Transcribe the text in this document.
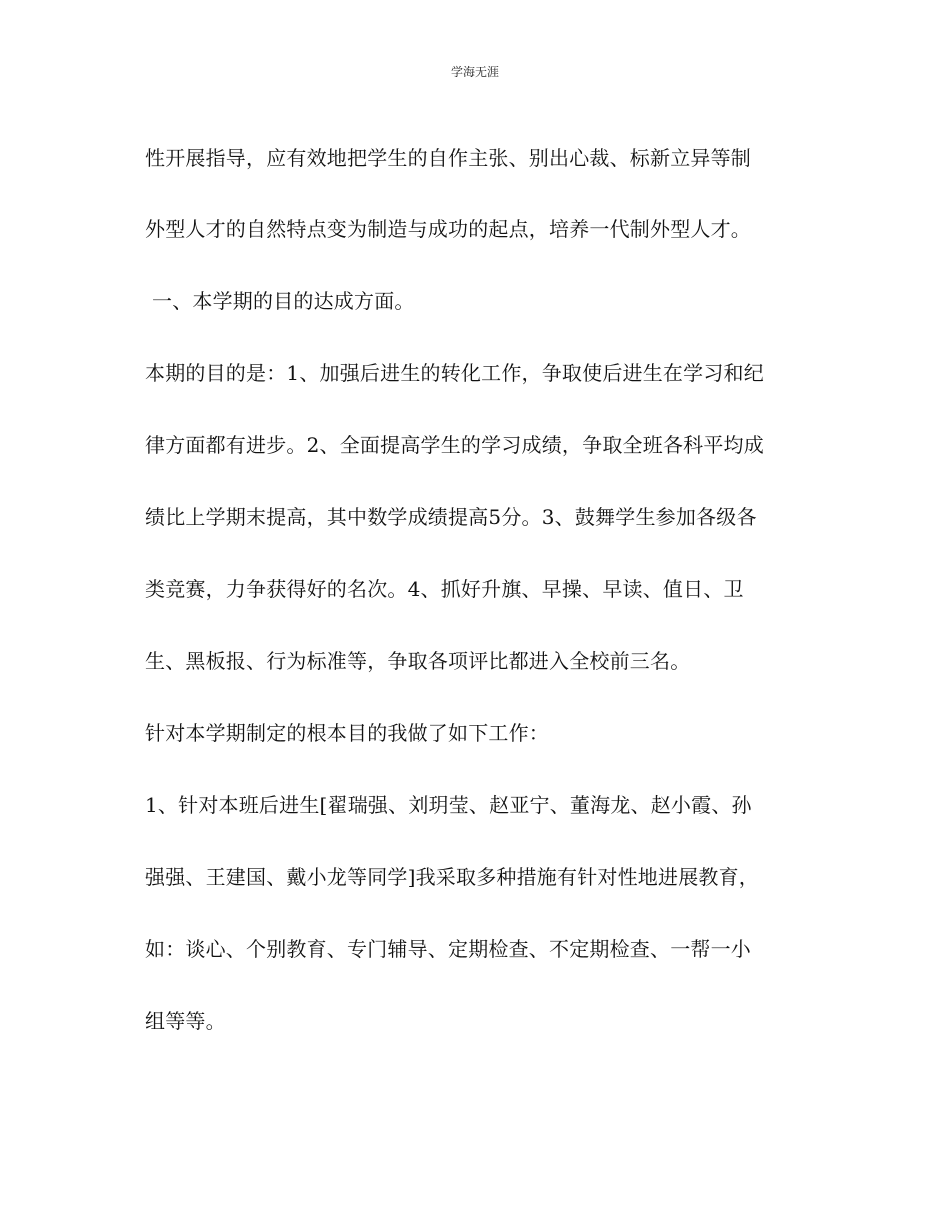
学海无涯
性开展指导，应有效地把学生的自作主张、别出心裁、标新立异等制
外型人才的自然特点变为制造与成功的起点，培养一代制外型人才。
一、本学期的目的达成方面。
本期的目的是：1、加强后进生的转化工作，争取使后进生在学习和纪
律方面都有进步。2、全面提高学生的学习成绩，争取全班各科平均成
绩比上学期末提高，其中数学成绩提高5分。3、鼓舞学生参加各级各
类竞赛，力争获得好的名次。4、抓好升旗、早操、早读、值日、卫
生、黑板报、行为标准等，争取各项评比都进入全校前三名。
针对本学期制定的根本目的我做了如下工作：
1、针对本班后进生[翟瑞强、刘玥莹、赵亚宁、董海龙、赵小霞、孙
强强、王建国、戴小龙等同学]我采取多种措施有针对性地进展教育，
如：谈心、个别教育、专门辅导、定期检查、不定期检查、一帮一小
组等等。
